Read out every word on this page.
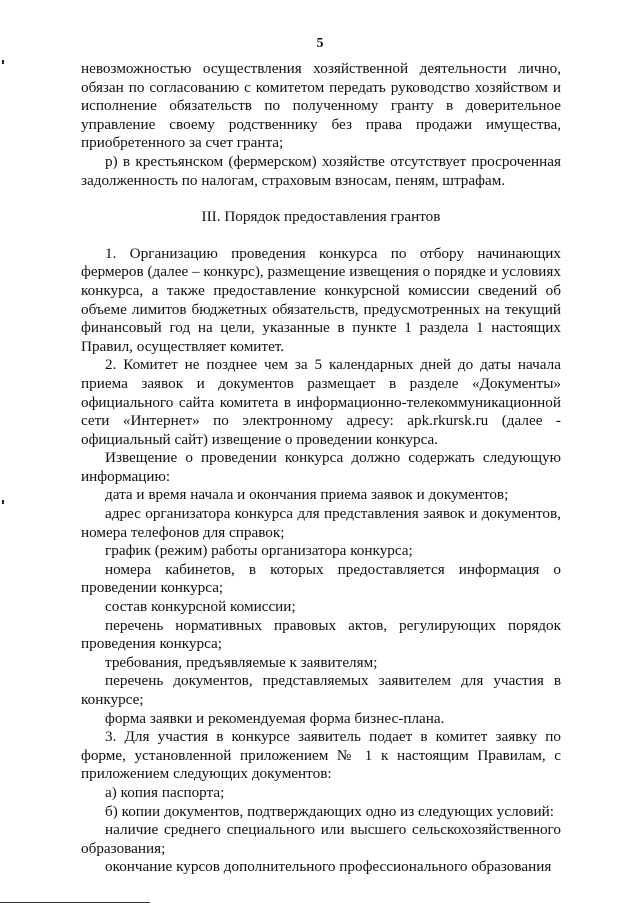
5

невозможностью осуществления хозяйственной деятельности лично, обязан по согласованию с комитетом передать руководство хозяйством и исполнение обязательств по полученному гранту в доверительное управление своему родственнику без права продажи имущества, приобретенного за счет гранта;

р) в крестьянском (фермерском) хозяйстве отсутствует просроченная задолженность по налогам, страховым взносам, пеням, штрафам.

III. Порядок предоставления грантов

1. Организацию проведения конкурса по отбору начинающих фермеров (далее – конкурс), размещение извещения о порядке и условиях конкурса, а также предоставление конкурсной комиссии сведений об объеме лимитов бюджетных обязательств, предусмотренных на текущий финансовый год на цели, указанные в пункте 1 раздела 1 настоящих Правил, осуществляет комитет.

2. Комитет не позднее чем за 5 календарных дней до даты начала приема заявок и документов размещает в разделе «Документы» официального сайта комитета в информационно-телекоммуникационной сети «Интернет» по электронному адресу: apk.rkursk.ru (далее - официальный сайт) извещение о проведении конкурса.

Извещение о проведении конкурса должно содержать следующую информацию:

дата и время начала и окончания приема заявок и документов;

адрес организатора конкурса для представления заявок и документов, номера телефонов для справок;

график (режим) работы организатора конкурса;

номера кабинетов, в которых предоставляется информация о проведении конкурса;

состав конкурсной комиссии;

перечень нормативных правовых актов, регулирующих порядок проведения конкурса;

требования, предъявляемые к заявителям;

перечень документов, представляемых заявителем для участия в конкурсе;

форма заявки и рекомендуемая форма бизнес-плана.

3. Для участия в конкурсе заявитель подает в комитет заявку по форме, установленной приложением № 1 к настоящим Правилам, с приложением следующих документов:

а) копия паспорта;

б) копии документов, подтверждающих одно из следующих условий:

наличие среднего специального или высшего сельскохозяйственного образования;

окончание курсов дополнительного профессионального образования
